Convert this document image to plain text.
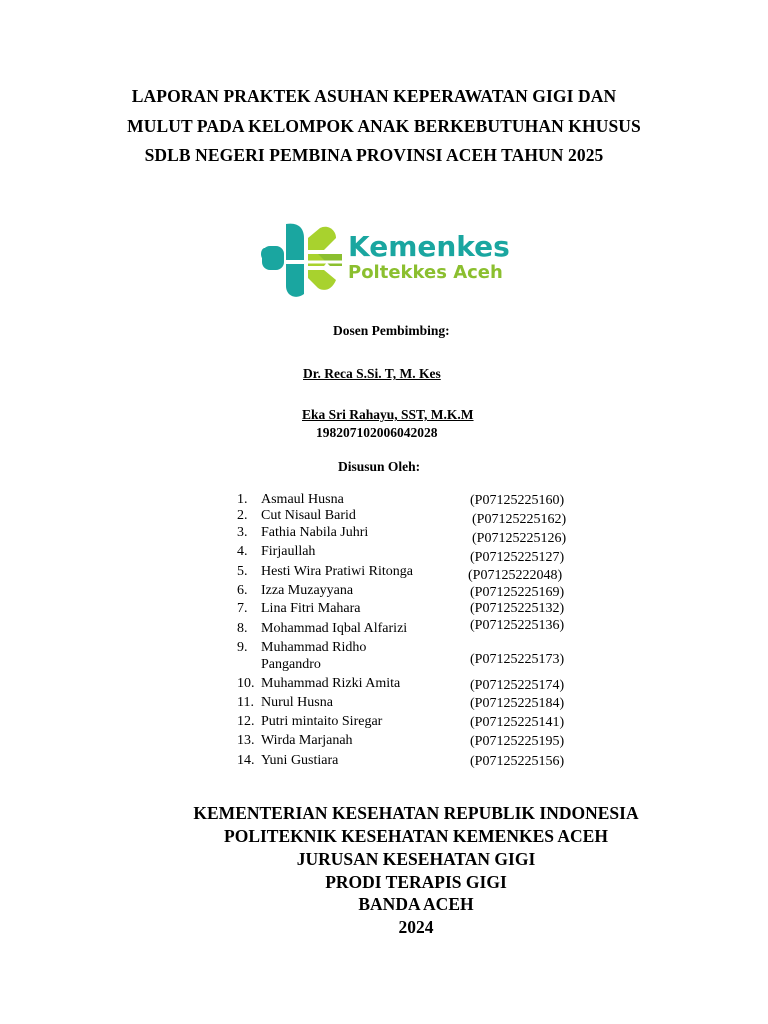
LAPORAN PRAKTEK ASUHAN KEPERAWATAN GIGI DAN
MULUT PADA KELOMPOK ANAK BERKEBUTUHAN KHUSUS
SDLB NEGERI PEMBINA PROVINSI ACEH TAHUN 2025
Kemenkes
Poltekkes Aceh
Dosen Pembimbing:
Dr. Reca S.Si. T, M. Kes
Eka Sri Rahayu, SST, M.K.M
198207102006042028
Disusun Oleh:
1. Asmaul Husna	(P07125225160)
2. Cut Nisaul Barid	(P07125225162)
3. Fathia Nabila Juhri	(P07125225126)
4. Firjaullah	(P07125225127)
5. Hesti Wira Pratiwi Ritonga	(P07125222048)
6. Izza Muzayyana	(P07125225169)
7. Lina Fitri Mahara	(P07125225132)
8. Mohammad Iqbal Alfarizi	(P07125225136)
9. Muhammad Ridho
Pangandro	(P07125225173)
10. Muhammad Rizki Amita	(P07125225174)
11. Nurul Husna	(P07125225184)
12. Putri mintaito Siregar	(P07125225141)
13. Wirda Marjanah	(P07125225195)
14. Yuni Gustiara	(P07125225156)
KEMENTERIAN KESEHATAN REPUBLIK INDONESIA
POLITEKNIK KESEHATAN KEMENKES ACEH
JURUSAN KESEHATAN GIGI
PRODI TERAPIS GIGI
BANDA ACEH
2024
